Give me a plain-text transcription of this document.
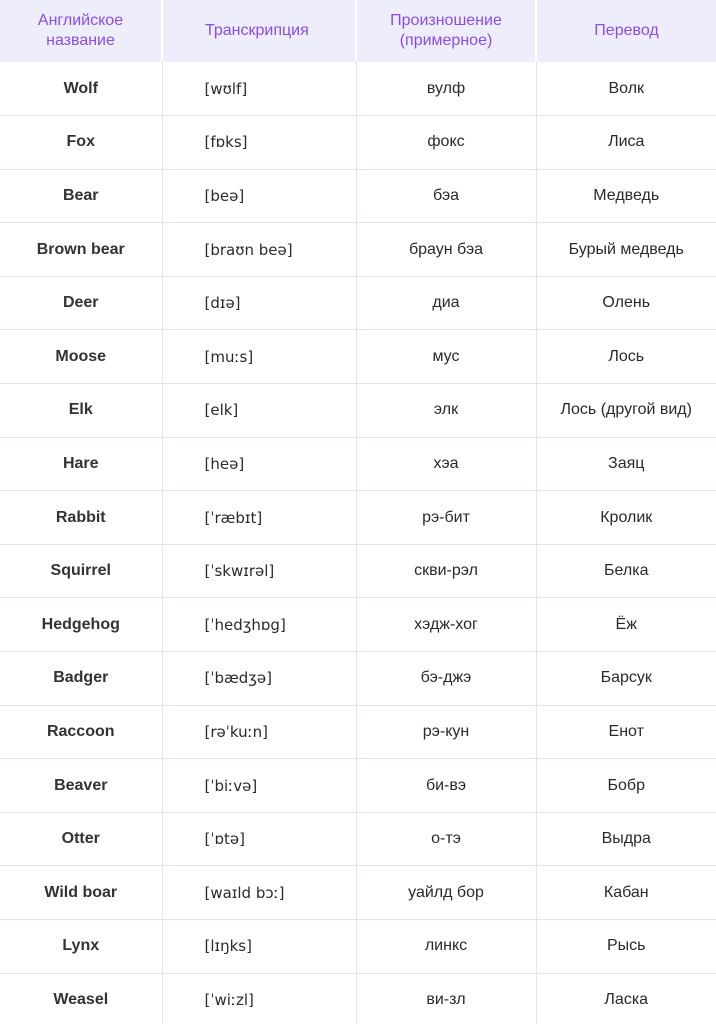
Английское название	Транскрипция	Произношение (примерное)	Перевод
Wolf	[wʊlf]	вулф	Волк
Fox	[fɒks]	фокс	Лиса
Bear	[beə]	бэа	Медведь
Brown bear	[braʊn beə]	браун бэа	Бурый медведь
Deer	[dɪə]	диа	Олень
Moose	[muːs]	мус	Лось
Elk	[elk]	элк	Лось (другой вид)
Hare	[heə]	хэа	Заяц
Rabbit	[ˈræbɪt]	рэ-бит	Кролик
Squirrel	[ˈskwɪrəl]	скви-рэл	Белка
Hedgehog	[ˈhedʒhɒg]	хэдж-хог	Ёж
Badger	[ˈbædʒə]	бэ-джэ	Барсук
Raccoon	[rəˈkuːn]	рэ-кун	Енот
Beaver	[ˈbiːvə]	би-вэ	Бобр
Otter	[ˈɒtə]	о-тэ	Выдра
Wild boar	[waɪld bɔː]	уайлд бор	Кабан
Lynx	[lɪŋks]	линкс	Рысь
Weasel	[ˈwiːzl]	ви-зл	Ласка
